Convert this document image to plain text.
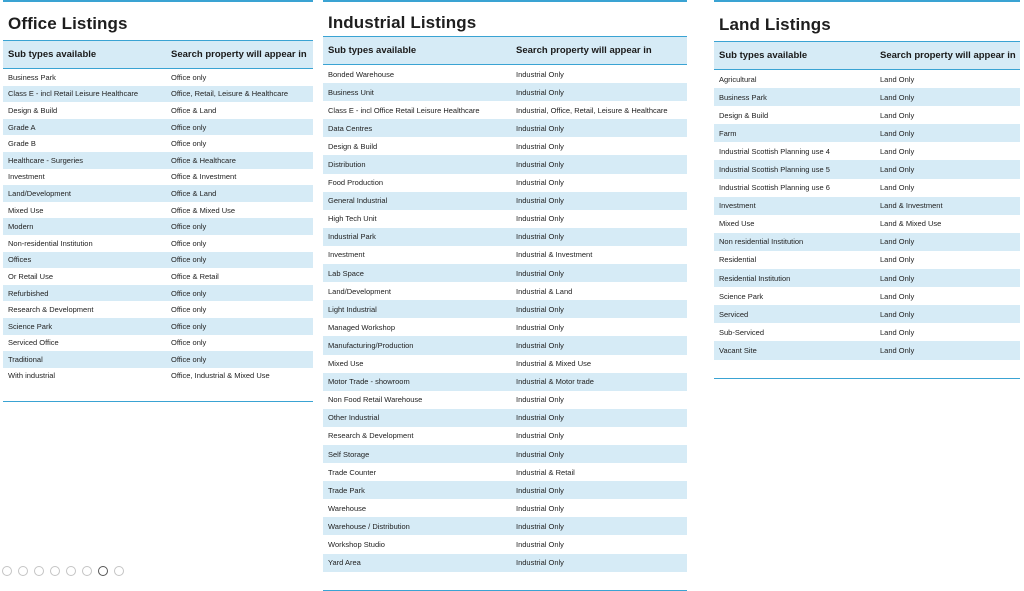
Office Listings
Sub types available	Search property will appear in
Business Park	Office only
Class E - incl Retail Leisure Healthcare	Office, Retail, Leisure & Healthcare
Design & Build	Office & Land
Grade A	Office only
Grade B	Office only
Healthcare - Surgeries	Office & Healthcare
Investment	Office & Investment
Land/Development	Office & Land
Mixed Use	Office & Mixed Use
Modern	Office only
Non-residential Institution	Office only
Offices	Office only
Or Retail Use	Office & Retail
Refurbished	Office only
Research & Development	Office only
Science Park	Office only
Serviced Office	Office only
Traditional	Office only
With industrial	Office, Industrial & Mixed Use

Industrial Listings
Sub types available	Search property will appear in
Bonded Warehouse	Industrial Only
Business Unit	Industrial Only
Class E - incl Office Retail Leisure Healthcare	Industrial, Office, Retail, Leisure & Healthcare
Data Centres	Industrial Only
Design & Build	Industrial Only
Distribution	Industrial Only
Food Production	Industrial Only
General Industrial	Industrial Only
High Tech Unit	Industrial Only
Industrial Park	Industrial Only
Investment	Industrial & Investment
Lab Space	Industrial Only
Land/Development	Industrial & Land
Light Industrial	Industrial Only
Managed Workshop	Industrial Only
Manufacturing/Production	Industrial Only
Mixed Use	Industrial & Mixed Use
Motor Trade - showroom	Industrial & Motor trade
Non Food Retail Warehouse	Industrial Only
Other Industrial	Industrial Only
Research & Development	Industrial Only
Self Storage	Industrial Only
Trade Counter	Industrial & Retail
Trade Park	Industrial Only
Warehouse	Industrial Only
Warehouse / Distribution	Industrial Only
Workshop Studio	Industrial Only
Yard Area	Industrial Only

Land Listings
Sub types available	Search property will appear in
Agricultural	Land Only
Business Park	Land Only
Design & Build	Land Only
Farm	Land Only
Industrial Scottish Planning use 4	Land Only
Industrial Scottish Planning use 5	Land Only
Industrial Scottish Planning use 6	Land Only
Investment	Land & Investment
Mixed Use	Land & Mixed Use
Non residential Institution	Land Only
Residential	Land Only
Residential Institution	Land Only
Science Park	Land Only
Serviced	Land Only
Sub-Serviced	Land Only
Vacant Site	Land Only
